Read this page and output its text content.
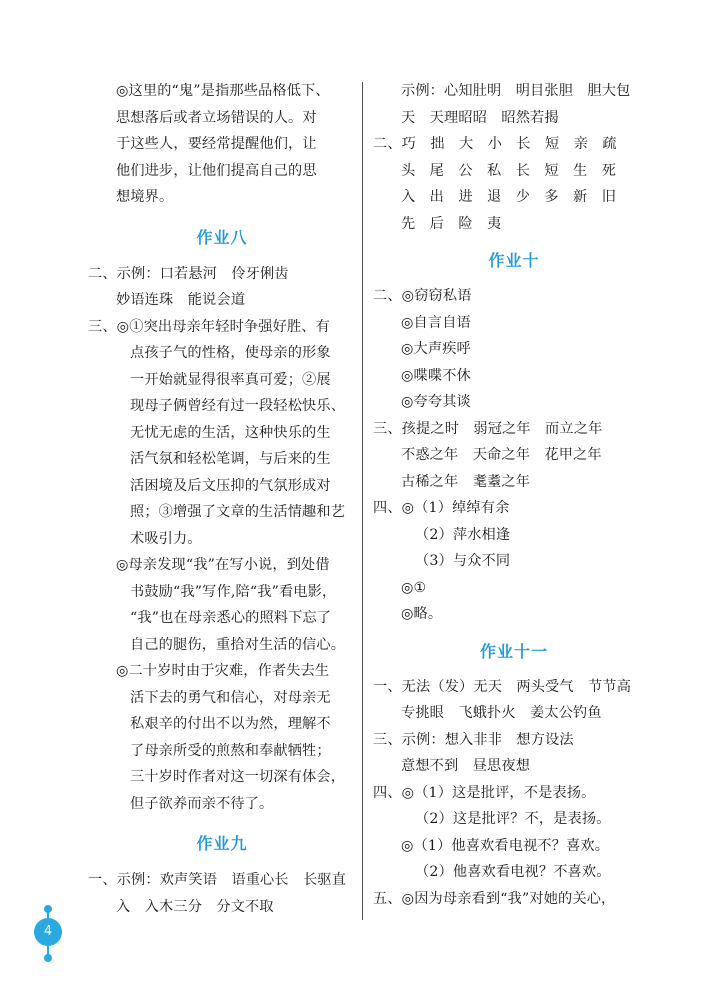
◎这里的“鬼”是指那些品格低下、
思想落后或者立场错误的人。对
于这些人，要经常提醒他们，让
他们进步，让他们提高自己的思
想境界。
作业八
二、示例：口若悬河　伶牙俐齿
妙语连珠　能说会道
三、◎①突出母亲年轻时争强好胜、有
点孩子气的性格，使母亲的形象
一开始就显得很率真可爱；②展
现母子俩曾经有过一段轻松快乐、
无忧无虑的生活，这种快乐的生
活气氛和轻松笔调，与后来的生
活困境及后文压抑的气氛形成对
照；③增强了文章的生活情趣和艺
术吸引力。
◎母亲发现“我”在写小说，到处借
书鼓励“我”写作,陪“我”看电影，
“我”也在母亲悉心的照料下忘了
自己的腿伤，重拾对生活的信心。
◎二十岁时由于灾难，作者失去生
活下去的勇气和信心，对母亲无
私艰辛的付出不以为然，理解不
了母亲所受的煎熬和奉献牺牲；
三十岁时作者对这一切深有体会，
但子欲养而亲不待了。
作业九
一、示例：欢声笑语　语重心长　长驱直
入　入木三分　分文不取
示例：心知肚明　明目张胆　胆大包
天　天理昭昭　昭然若揭
二、巧　拙　大　小　长　短　亲　疏
头　尾　公　私　长　短　生　死
入　出　进　退　少　多　新　旧
先　后　险　夷
作业十
二、◎窃窃私语
◎自言自语
◎大声疾呼
◎喋喋不休
◎夸夸其谈
三、孩提之时　弱冠之年　而立之年
不惑之年　天命之年　花甲之年
古稀之年　耄耋之年
四、◎（1）绰绰有余
（2）萍水相逢
（3）与众不同
◎①
◎略。
作业十一
一、无法（发）无天　两头受气　节节高
专挑眼　飞蛾扑火　姜太公钓鱼
三、示例：想入非非　想方设法
意想不到　昼思夜想
四、◎（1）这是批评，不是表扬。
（2）这是批评？不，是表扬。
◎（1）他喜欢看电视不？喜欢。
（2）他喜欢看电视？不喜欢。
五、◎因为母亲看到“我”对她的关心，
4
